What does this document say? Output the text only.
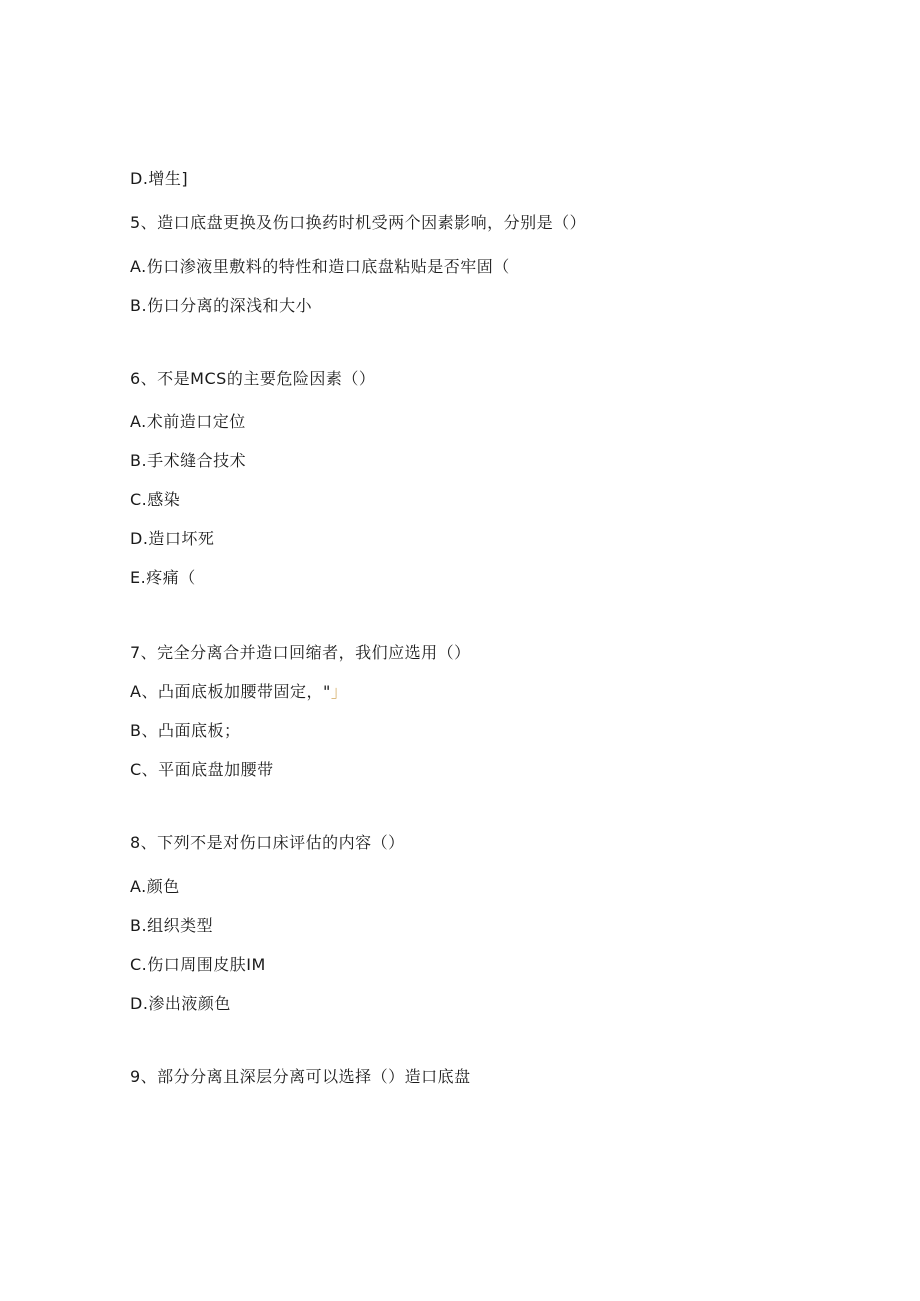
D.增生]
5、造口底盘更换及伤口换药时机受两个因素影响，分别是（）
A.伤口渗液里敷料的特性和造口底盘粘贴是否牢固（
B.伤口分离的深浅和大小
6、不是MCS的主要危险因素（）
A.术前造口定位
B.手术缝合技术
C.感染
D.造口坏死
E.疼痛（
7、完全分离合并造口回缩者，我们应选用（）
A、凸面底板加腰带固定，"」
B、凸面底板；
C、平面底盘加腰带
8、下列不是对伤口床评估的内容（）
A.颜色
B.组织类型
C.伤口周围皮肤IM
D.渗出液颜色
9、部分分离且深层分离可以选择（）造口底盘
